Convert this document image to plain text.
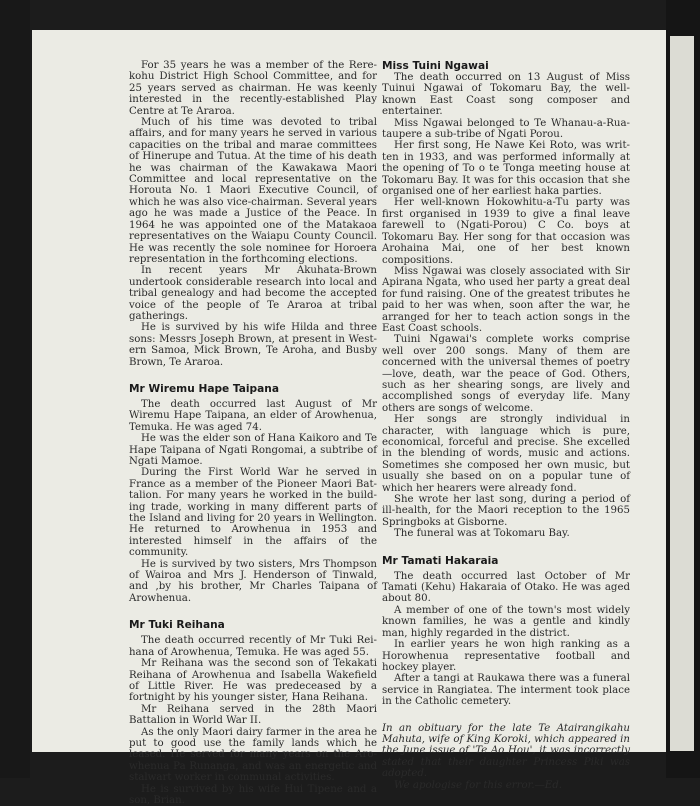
For 35 years he was a member of the Rerekohu District High School Committee, and for 25 years served as chairman. He was keenly interested in the recently-established Play Centre at Te Araroa.

Much of his time was devoted to tribal affairs, and for many years he served in various capacities on the tribal and marae committees of Hinerupe and Tutua. At the time of his death he was chairman of the Kawakawa Maori Committee and local representative on the Horouta No. 1 Maori Executive Council, of which he was also vice-chairman. Several years ago he was made a Justice of the Peace. In 1964 he was appointed one of the Matakaoa representatives on the Waiapu County Council. He was recently the sole nominee for Horoera representation in the forthcoming elections.

In recent years Mr Akuhata-Brown undertook considerable research into local and tribal genealogy and had become the accepted voice of the people of Te Araroa at tribal gatherings.

He is survived by his wife Hilda and three sons: Messrs Joseph Brown, at present in Western Samoa, Mick Brown, Te Aroha, and Busby Brown, Te Araroa.

Mr Wiremu Hape Taipana

The death occurred last August of Mr Wiremu Hape Taipana, an elder of Arowhenua, Temuka. He was aged 74.

He was the elder son of Hana Kaikoro and Te Hape Taipana of Ngati Rongomai, a subtribe of Ngati Mamoe.

During the First World War he served in France as a member of the Pioneer Maori Battalion. For many years he worked in the building trade, working in many different parts of the Island and living for 20 years in Wellington. He returned to Arowhenua in 1953 and interested himself in the affairs of the community.

He is survived by two sisters, Mrs Thompson of Wairoa and Mrs J. Henderson of Tinwald, and ,by his brother, Mr Charles Taipana of Arowhenua.

Mr Tuki Reihana

The death occurred recently of Mr Tuki Reihana of Arowhenua, Temuka. He was aged 55.

Mr Reihana was the second son of Tekakati Reihana of Arowhenua and Isabella Wakefield of Little River. He was predeceased by a fortnight by his younger sister, Hana Reihana.

Mr Reihana served in the 28th Maori Battalion in World War II.

As the only Maori dairy farmer in the area he put to good use the family lands which he leased. He served for many years on the Arowhenua Pa Runanga, and was an energetic and stalwart worker in communal activities.

He is survived by his wife Hui Tipene and a son, Brian.

Miss Tuini Ngawai

The death occurred on 13 August of Miss Tuinui Ngawai of Tokomaru Bay, the well-known East Coast song composer and entertainer.

Miss Ngawai belonged to Te Whanau-a-Ruataupere a sub-tribe of Ngati Porou.

Her first song, He Nawe Kei Roto, was written in 1933, and was performed informally at the opening of To o te Tonga meeting house at Tokomaru Bay. It was for this occasion that she organised one of her earliest haka parties.

Her well-known Hokowhitu-a-Tu party was first organised in 1939 to give a final leave farewell to (Ngati-Porou) C Co. boys at Tokomaru Bay. Her song for that occasion was Arohaina Mai, one of her best known compositions.

Miss Ngawai was closely associated with Sir Apirana Ngata, who used her party a great deal for fund raising. One of the greatest tributes he paid to her was when, soon after the war, he arranged for her to teach action songs in the East Coast schools.

Tuini Ngawai's complete works comprise well over 200 songs. Many of them are concerned with the universal themes of poetry—love, death, war the peace of God. Others, such as her shearing songs, are lively and accomplished songs of everyday life. Many others are songs of welcome.

Her songs are strongly individual in character, with language which is pure, economical, forceful and precise. She excelled in the blending of words, music and actions. Sometimes she composed her own music, but usually she based on on a popular tune of which her hearers were already fond.

She wrote her last song, during a period of ill-health, for the Maori reception to the 1965 Springboks at Gisborne.

The funeral was at Tokomaru Bay.

Mr Tamati Hakaraia

The death occurred last October of Mr Tamati (Kehu) Hakaraia of Otako. He was aged about 80.

A member of one of the town's most widely known families, he was a gentle and kindly man, highly regarded in the district.

In earlier years he won high ranking as a Horowhenua representative football and hockey player.

After a tangi at Raukawa there was a funeral service in Rangiatea. The interment took place in the Catholic cemetery.

In an obituary for the late Te Atairangikahu Mahuta, wife of King Koroki, which appeared in the June issue of 'Te Ao Hou', it was incorrectly stated that their daughter Princess Piki was adopted.

We apologise for this error.—Ed.
